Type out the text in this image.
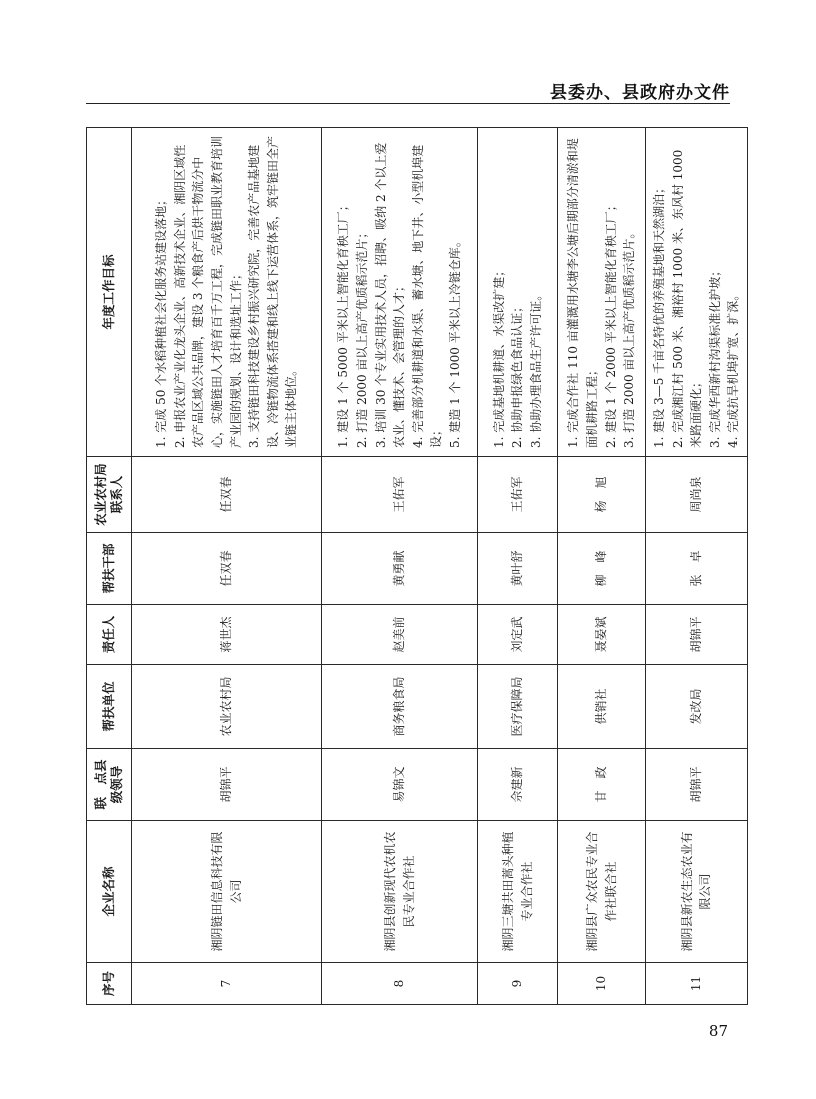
县委办、县政府办文件
序号	企业名称	联　点县级领导	帮扶单位	责任人	帮扶干部	农业农村局联系人	年度工作目标
7	湘阴链田信息科技有限公司	胡锦平	农业农村局	蒋世杰	任双春	任双春	1. 完成 50 个水稻种植社会化服务站建设落地； 2. 申报农业产业化龙头企业、高新技术企业、湘阴区域性农产品区域公共品牌，建设 3 个粮食产后烘干物流分中心，实施链田人才培育百千万工程，完成链田职业教育培训产业园的规划、设计和选址工作； 3. 支持链田科技建设乡村振兴研究院，完善农产品基地建设、冷链物流体系搭建和线上线下运营体系，筑牢链田全产业链主体地位。

8	湘阴县创新现代农机农民专业合作社	易锦文	商务粮食局	赵美前	黄勇献	王佑军	1. 建设 1 个 5000 平米以上智能化育秧工厂； 2. 打造 2000 亩以上高产优质稻示范片； 3. 培训 30 个专业实用技术人员，招聘、吸纳 2 个以上爱农业、懂技术、会管理的人才； 4. 完善部分机耕道和水渠、蓄水塘、地下井、小型机埠建设； 5. 建造 1 个 1000 平米以上冷链仓库。

9	湘阴三塘共田蒿头种植专业合作社	佘建新	医疗保障局	刘定武	黄叶舒	王佑军	1. 完成基地机耕道、水渠改扩建； 2. 协助申报绿色食品认证； 3. 协助办理食品生产许可证。

10	湘阴县广众农民专业合作社联合社	甘　政	供销社	聂晏斌	柳　峰	杨　旭	1. 完成合作社 110 亩灌溉用水塘李公塘后期部分清淤和堤面机耕路工程； 2. 建设 1 个 2000 平米以上智能化育秧工厂； 3. 打造 2000 亩以上高产优质稻示范片。

11	湘阴县新农生态农业有限公司	胡锦平	发改局	胡锦平	张　卓	周尚泉	1. 建设 3—5 千亩名特优的养殖基地和天然湖泊； 2. 完成湘江村 500 米、湘裕村 1000 米、东风村 1000 米路面硬化； 3. 完成华西新村沟渠标准化护坡； 4. 完成抗旱机埠扩宽、扩深。
87
